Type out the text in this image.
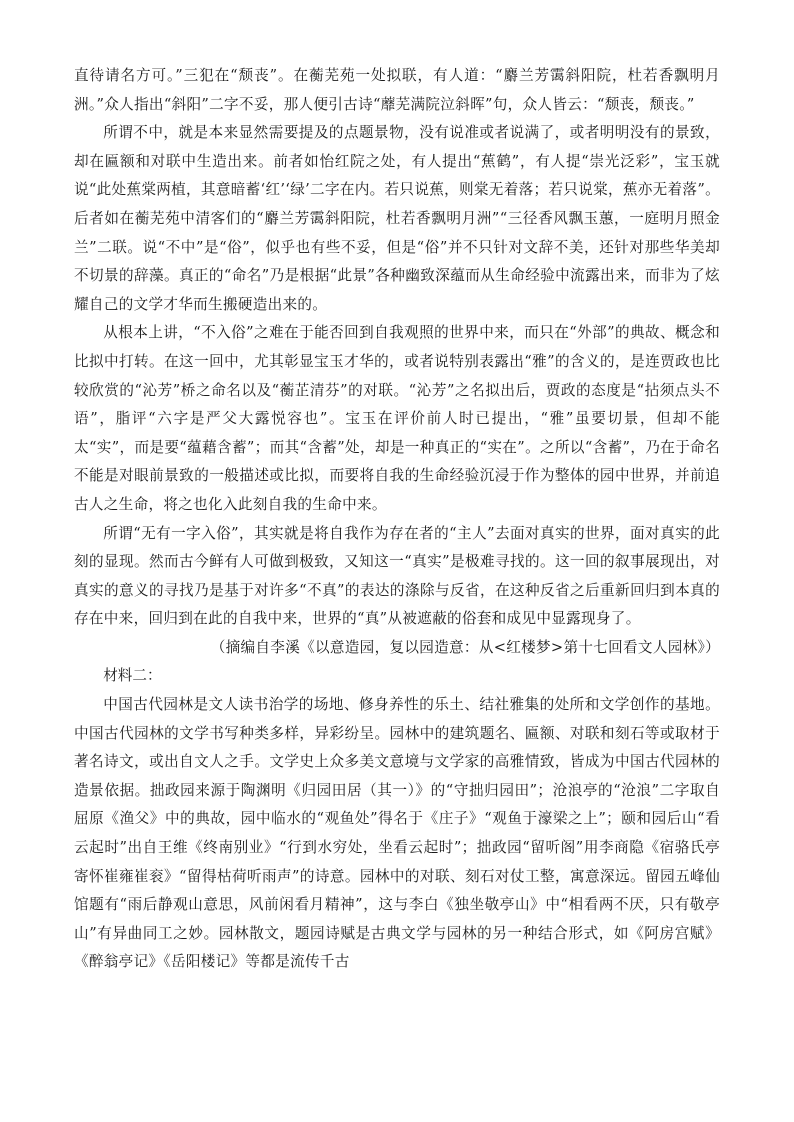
直待请名方可。”三犯在“颓丧”。在蘅芜苑一处拟联，有人道：“麝兰芳霭斜阳院，杜若香飘明月洲。”众人指出“斜阳”二字不妥，那人便引古诗“蘼芜满院泣斜晖”句，众人皆云：“颓丧，颓丧。”

所谓不中，就是本来显然需要提及的点题景物，没有说准或者说满了，或者明明没有的景致，却在匾额和对联中生造出来。前者如怡红院之处，有人提出“蕉鹤”，有人提“崇光泛彩”，宝玉就说“此处蕉棠两植，其意暗蓄‘红’‘绿’二字在内。若只说蕉，则棠无着落；若只说棠，蕉亦无着落”。后者如在蘅芜苑中清客们的“麝兰芳霭斜阳院，杜若香飘明月洲”“三径香风飘玉蕙，一庭明月照金兰”二联。说“不中”是“俗”，似乎也有些不妥，但是“俗”并不只针对文辞不美，还针对那些华美却不切景的辞藻。真正的“命名”乃是根据“此景”各种幽致深蕴而从生命经验中流露出来，而非为了炫耀自己的文学才华而生搬硬造出来的。

从根本上讲，“不入俗”之难在于能否回到自我观照的世界中来，而只在“外部”的典故、概念和比拟中打转。在这一回中，尤其彰显宝玉才华的，或者说特别表露出“雅”的含义的，是连贾政也比较欣赏的“沁芳”桥之命名以及“蘅芷清芬”的对联。“沁芳”之名拟出后，贾政的态度是“拈须点头不语”，脂评“六字是严父大露悦容也”。宝玉在评价前人时已提出，“雅”虽要切景，但却不能太“实”，而是要“蕴藉含蓄”；而其“含蓄”处，却是一种真正的“实在”。之所以“含蓄”，乃在于命名不能是对眼前景致的一般描述或比拟，而要将自我的生命经验沉浸于作为整体的园中世界，并前追古人之生命，将之也化入此刻自我的生命中来。

所谓“无有一字入俗”，其实就是将自我作为存在者的“主人”去面对真实的世界，面对真实的此刻的显现。然而古今鲜有人可做到极致，又知这一“真实”是极难寻找的。这一回的叙事展现出，对真实的意义的寻找乃是基于对许多“不真”的表达的涤除与反省，在这种反省之后重新回归到本真的存在中来，回归到在此的自我中来，世界的“真”从被遮蔽的俗套和成见中显露现身了。

（摘编自李溪《以意造园，复以园造意：从<红楼梦>第十七回看文人园林》）

材料二：

中国古代园林是文人读书治学的场地、修身养性的乐土、结社雅集的处所和文学创作的基地。中国古代园林的文学书写种类多样，异彩纷呈。园林中的建筑题名、匾额、对联和刻石等或取材于著名诗文，或出自文人之手。文学史上众多美文意境与文学家的高雅情致，皆成为中国古代园林的造景依据。拙政园来源于陶渊明《归园田居（其一）》的“守拙归园田”；沧浪亭的“沧浪”二字取自屈原《渔父》中的典故，园中临水的“观鱼处”得名于《庄子》“观鱼于濠梁之上”；颐和园后山“看云起时”出自王维《终南别业》“行到水穷处，坐看云起时”；拙政园“留听阁”用李商隐《宿骆氏亭寄怀崔雍崔衮》“留得枯荷听雨声”的诗意。园林中的对联、刻石对仗工整，寓意深远。留园五峰仙馆题有“雨后静观山意思，风前闲看月精神”，这与李白《独坐敬亭山》中“相看两不厌，只有敬亭山”有异曲同工之妙。园林散文，题园诗赋是古典文学与园林的另一种结合形式，如《阿房宫赋》《醉翁亭记》《岳阳楼记》等都是流传千古
